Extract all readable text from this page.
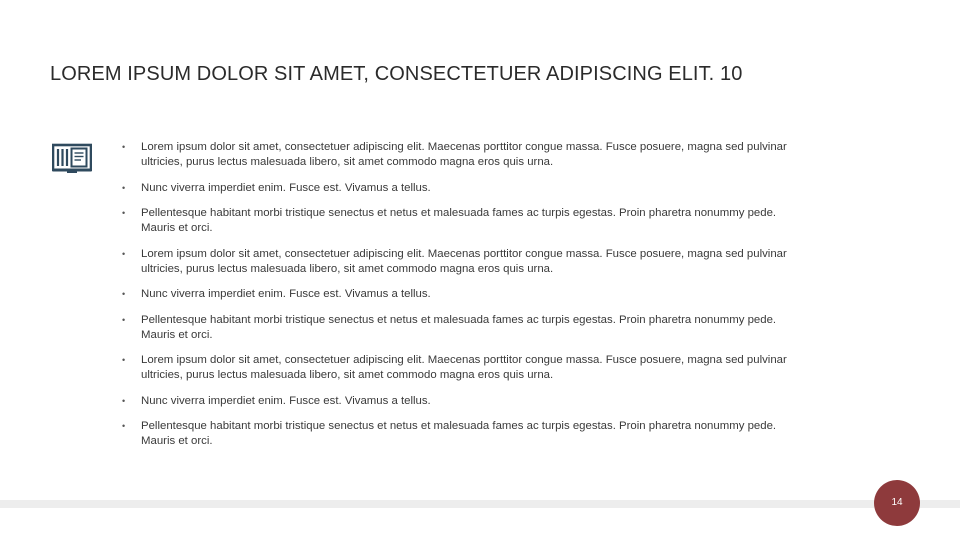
LOREM IPSUM DOLOR SIT AMET, CONSECTETUER ADIPISCING ELIT. 10
• Lorem ipsum dolor sit amet, consectetuer adipiscing elit. Maecenas porttitor congue massa. Fusce posuere, magna sed pulvinar ultricies, purus lectus malesuada libero, sit amet commodo magna eros quis urna.
• Nunc viverra imperdiet enim. Fusce est. Vivamus a tellus.
• Pellentesque habitant morbi tristique senectus et netus et malesuada fames ac turpis egestas. Proin pharetra nonummy pede. Mauris et orci.
• Lorem ipsum dolor sit amet, consectetuer adipiscing elit. Maecenas porttitor congue massa. Fusce posuere, magna sed pulvinar ultricies, purus lectus malesuada libero, sit amet commodo magna eros quis urna.
• Nunc viverra imperdiet enim. Fusce est. Vivamus a tellus.
• Pellentesque habitant morbi tristique senectus et netus et malesuada fames ac turpis egestas. Proin pharetra nonummy pede. Mauris et orci.
• Lorem ipsum dolor sit amet, consectetuer adipiscing elit. Maecenas porttitor congue massa. Fusce posuere, magna sed pulvinar ultricies, purus lectus malesuada libero, sit amet commodo magna eros quis urna.
• Nunc viverra imperdiet enim. Fusce est. Vivamus a tellus.
• Pellentesque habitant morbi tristique senectus et netus et malesuada fames ac turpis egestas. Proin pharetra nonummy pede. Mauris et orci.
14
